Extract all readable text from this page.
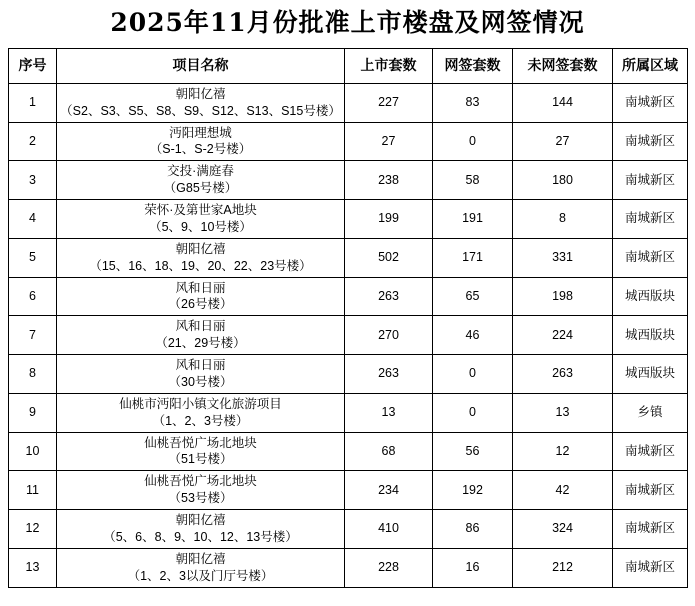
2025年11月份批准上市楼盘及网签情况
序号	项目名称	上市套数	网签套数	未网签套数	所属区域
1	朝阳亿禧
（S2、S3、S5、S8、S9、S12、S13、S15号楼）	227	83	144	南城新区
2	沔阳理想城
（S-1、S-2号楼）	27	0	27	南城新区
3	交投·满庭春
（G85号楼）	238	58	180	南城新区
4	荣怀·及第世家A地块
（5、9、10号楼）	199	191	8	南城新区
5	朝阳亿禧
（15、16、18、19、20、22、23号楼）	502	171	331	南城新区
6	风和日丽
（26号楼）	263	65	198	城西版块
7	风和日丽
（21、29号楼）	270	46	224	城西版块
8	风和日丽
（30号楼）	263	0	263	城西版块
9	仙桃市沔阳小镇文化旅游项目
（1、2、3号楼）	13	0	13	乡镇
10	仙桃吾悦广场北地块
（51号楼）	68	56	12	南城新区
11	仙桃吾悦广场北地块
（53号楼）	234	192	42	南城新区
12	朝阳亿禧
（5、6、8、9、10、12、13号楼）	410	86	324	南城新区
13	朝阳亿禧
（1、2、3以及门厅号楼）	228	16	212	南城新区
